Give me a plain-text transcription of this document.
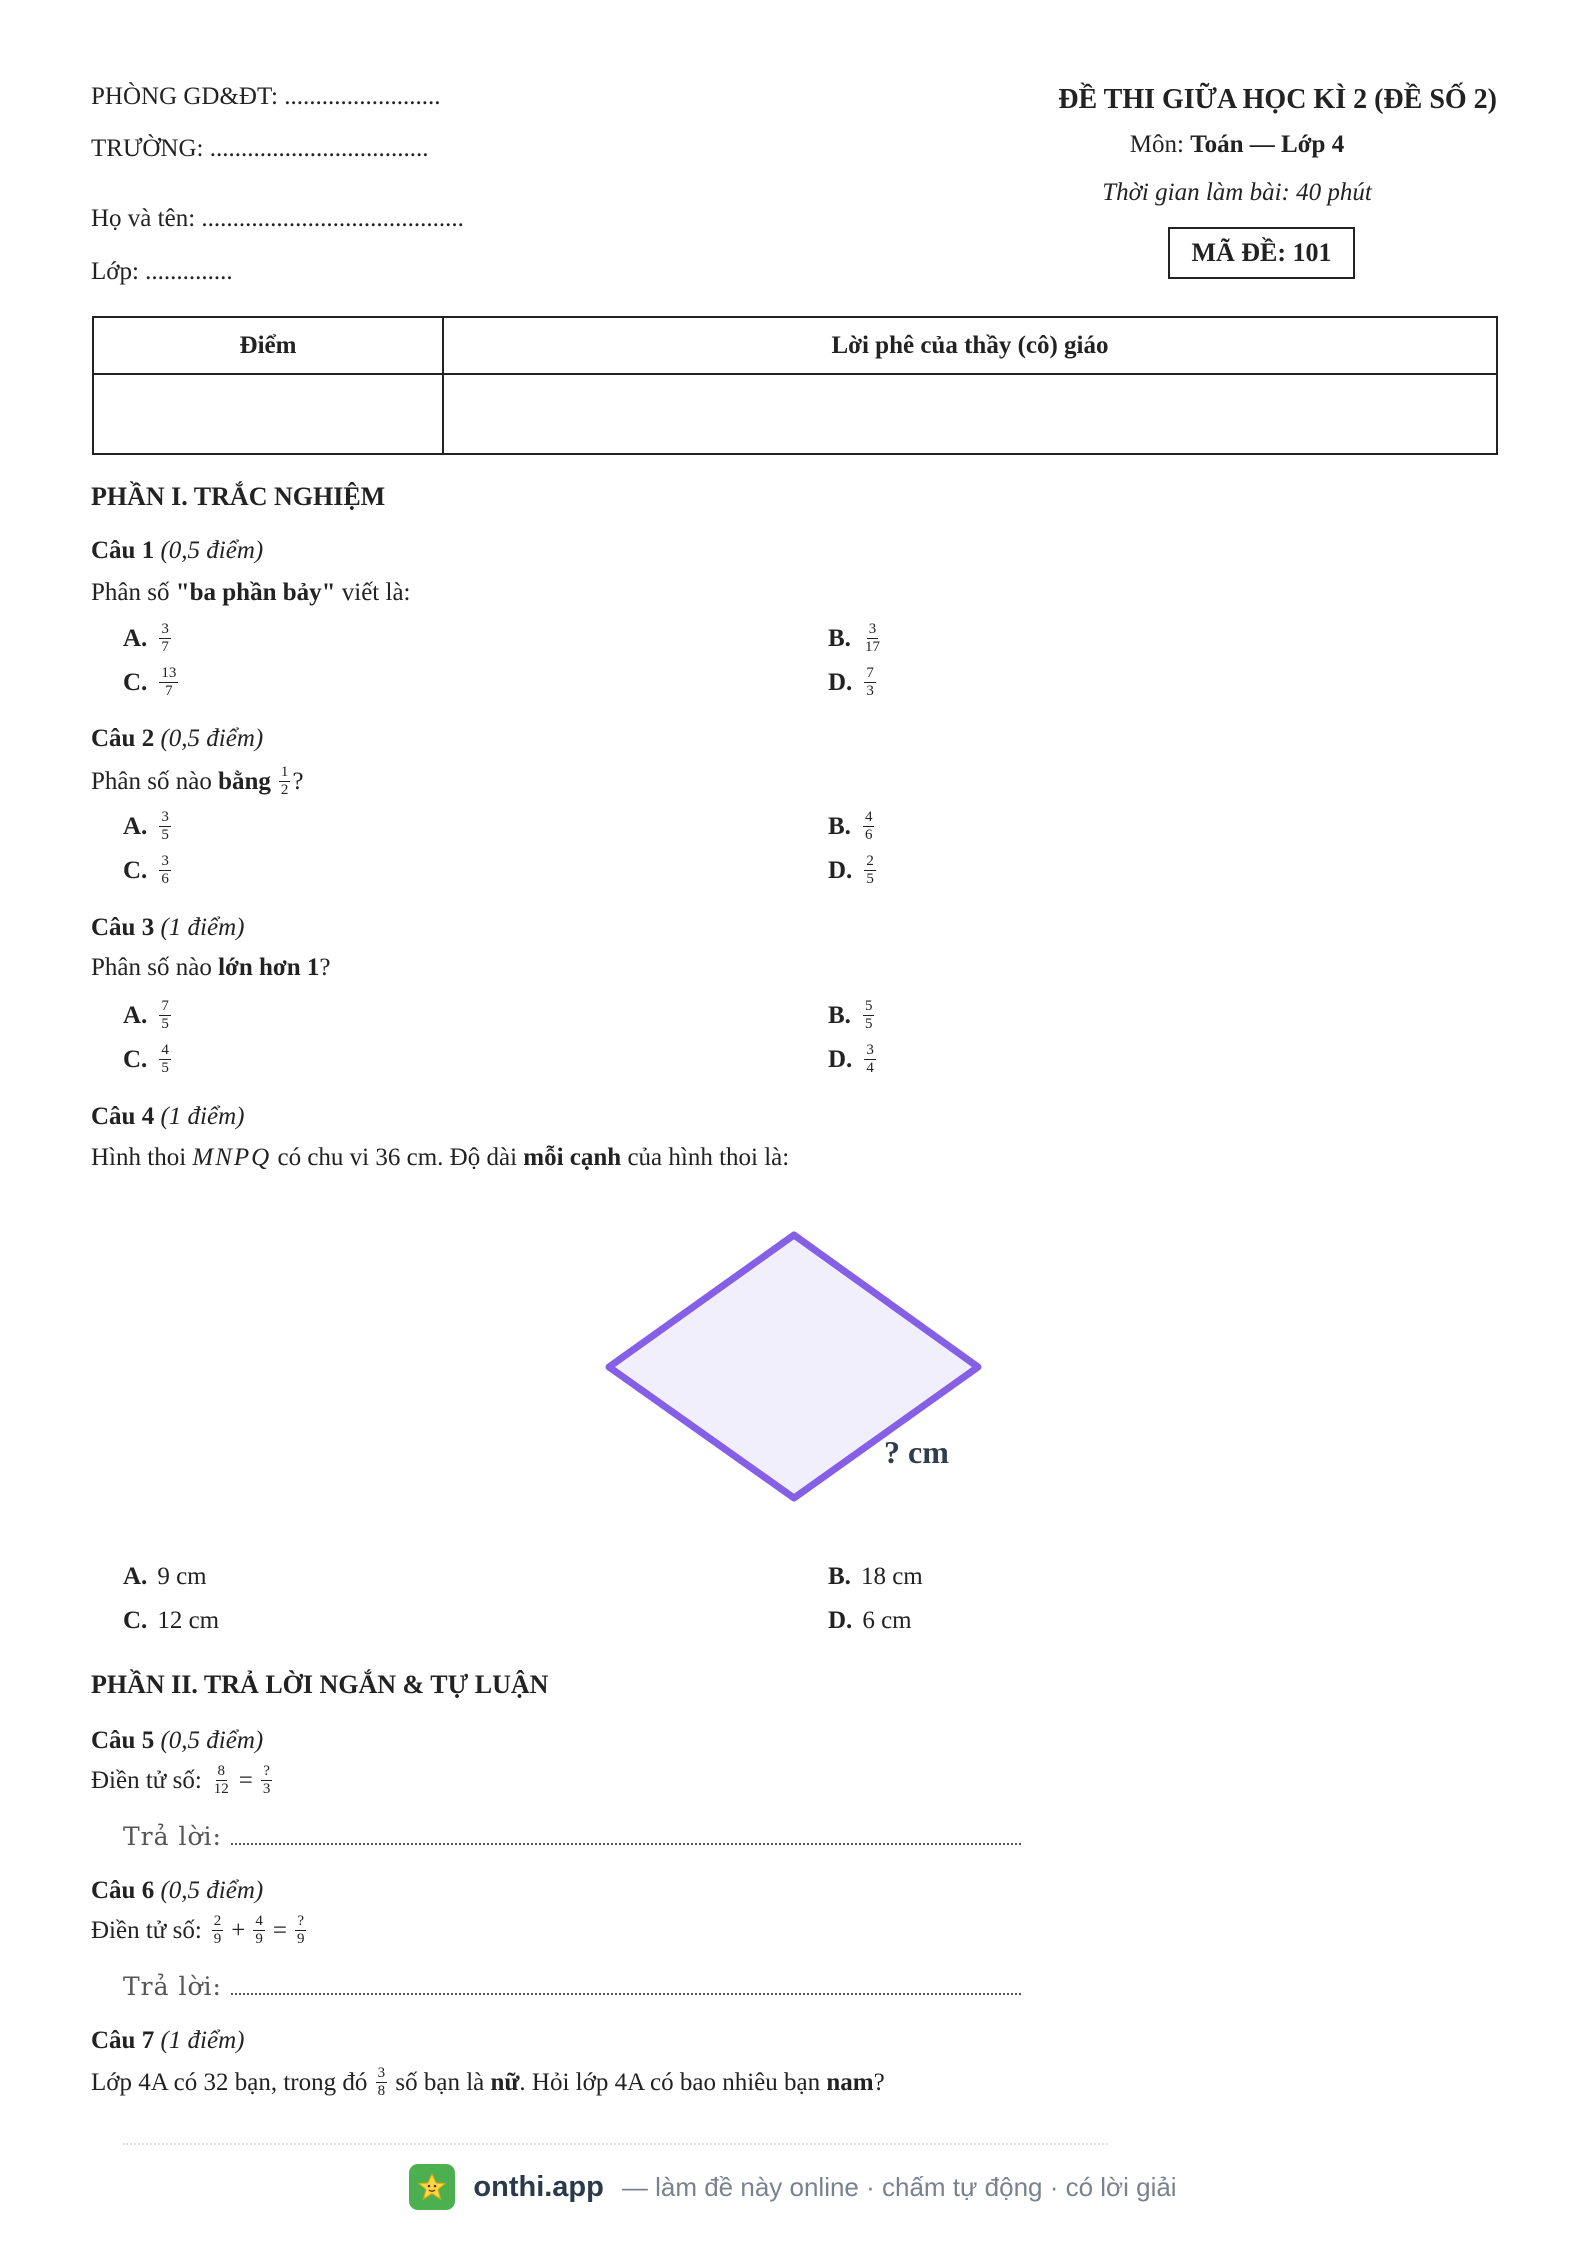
PHÒNG GD&ĐT: .........................
TRƯỜNG: ...................................
Họ và tên: ..........................................
Lớp: ..............
ĐỀ THI GIỮA HỌC KÌ 2 (ĐỀ SỐ 2)
Môn: Toán — Lớp 4
Thời gian làm bài: 40 phút
MÃ ĐỀ: 101
Điểm	Lời phê của thầy (cô) giáo

PHẦN I. TRẮC NGHIỆM
Câu 1 (0,5 điểm)
Phân số "ba phần bảy" viết là:
A. $\frac{3}{7}$	B. $\frac{3}{17}$
C. $\frac{13}{7}$	D. $\frac{7}{3}$
Câu 2 (0,5 điểm)
Phân số nào bằng $\frac{1}{2}$ ?
A. $\frac{3}{5}$	B. $\frac{4}{6}$
C. $\frac{3}{6}$	D. $\frac{2}{5}$
Câu 3 (1 điểm)
Phân số nào lớn hơn 1?
A. $\frac{7}{5}$	B. $\frac{5}{5}$
C. $\frac{4}{5}$	D. $\frac{3}{4}$
Câu 4 (1 điểm)
Hình thoi MNPQ có chu vi 36 cm. Độ dài mỗi cạnh của hình thoi là:
? cm
A. 9 cm	B. 18 cm
C. 12 cm	D. 6 cm
PHẦN II. TRẢ LỜI NGẮN & TỰ LUẬN
Câu 5 (0,5 điểm)
Điền tử số: $\frac{8}{12} = \frac{?}{3}$
Trả lời:
Câu 6 (0,5 điểm)
Điền tử số: $\frac{2}{9} + \frac{4}{9} = \frac{?}{9}$
Trả lời:
Câu 7 (1 điểm)
Lớp 4A có 32 bạn, trong đó $\frac{3}{8}$ số bạn là nữ . Hỏi lớp 4A có bao nhiêu bạn nam ?
onthi.app — làm đề này online · chấm tự động · có lời giải
